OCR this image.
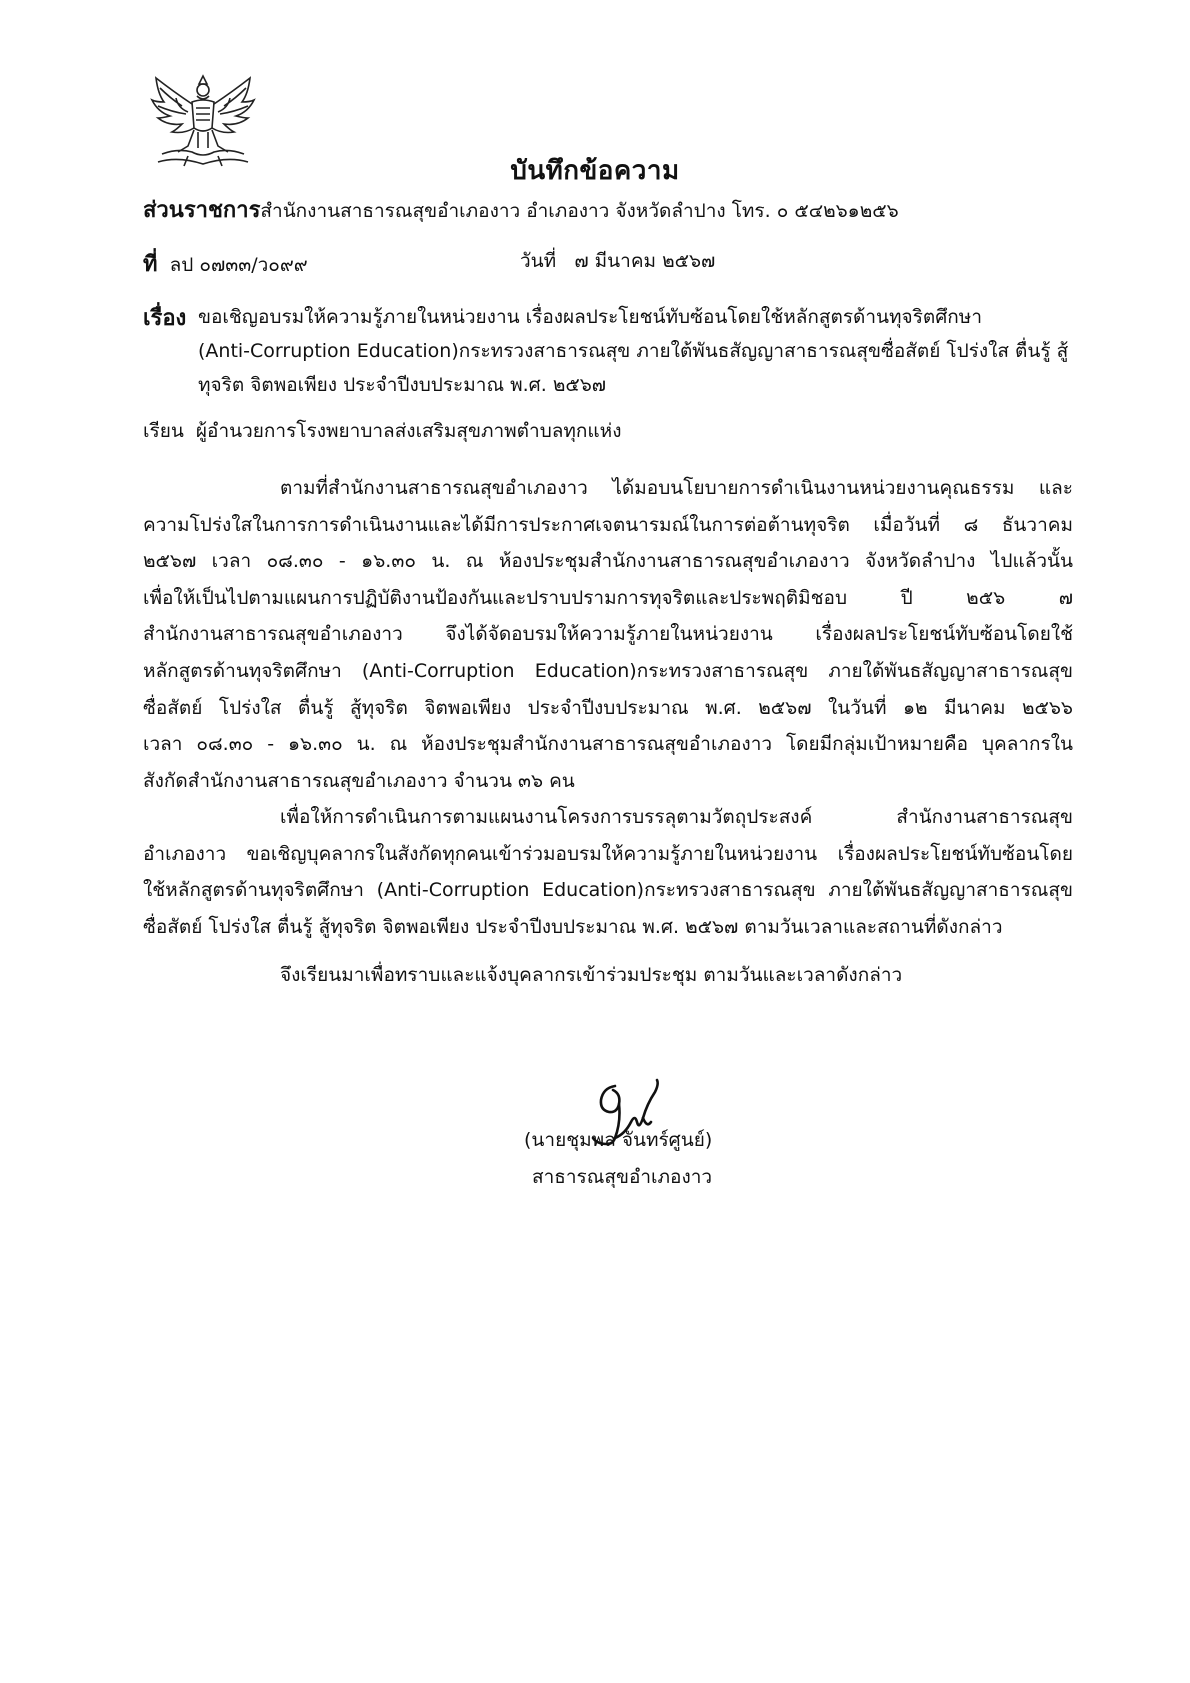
บันทึกข้อความ
ส่วนราชการสำนักงานสาธารณสุขอำเภองาว อำเภองาว จังหวัดลำปาง โทร. ๐ ๕๔๒๖๑๒๕๖
ที่ ลป ๐๗๓๓/ว๐๙๙	วันที่ ๗ มีนาคม ๒๕๖๗
เรื่อง ขอเชิญอบรมให้ความรู้ภายในหน่วยงาน เรื่องผลประโยชน์ทับซ้อนโดยใช้หลักสูตรด้านทุจริตศึกษา
(Anti-Corruption Education)กระทรวงสาธารณสุข ภายใต้พันธสัญญาสาธารณสุขซื่อสัตย์ โปร่งใส ตื่นรู้ สู้
ทุจริต จิตพอเพียง ประจำปีงบประมาณ พ.ศ. ๒๕๖๗
เรียน ผู้อำนวยการโรงพยาบาลส่งเสริมสุขภาพตำบลทุกแห่ง
ตามที่สำนักงานสาธารณสุขอำเภองาว ได้มอบนโยบายการดำเนินงานหน่วยงานคุณธรรม และ
ความโปร่งใสในการการดำเนินงานและได้มีการประกาศเจตนารมณ์ในการต่อต้านทุจริต เมื่อวันที่ ๘ ธันวาคม
๒๕๖๗ เวลา ๐๘.๓๐ - ๑๖.๓๐ น. ณ ห้องประชุมสำนักงานสาธารณสุขอำเภองาว จังหวัดลำปาง ไปแล้วนั้น
เพื่อให้เป็นไปตามแผนการปฏิบัติงานป้องกันและปราบปรามการทุจริตและประพฤติมิชอบ ปี ๒๕๖ ๗
สำนักงานสาธารณสุขอำเภองาว จึงได้จัดอบรมให้ความรู้ภายในหน่วยงาน เรื่องผลประโยชน์ทับซ้อนโดยใช้
หลักสูตรด้านทุจริตศึกษา (Anti-Corruption Education)กระทรวงสาธารณสุข ภายใต้พันธสัญญาสาธารณสุข
ซื่อสัตย์ โปร่งใส ตื่นรู้ สู้ทุจริต จิตพอเพียง ประจำปีงบประมาณ พ.ศ. ๒๕๖๗ ในวันที่ ๑๒ มีนาคม ๒๕๖๖
เวลา ๐๘.๓๐ - ๑๖.๓๐ น. ณ ห้องประชุมสำนักงานสาธารณสุขอำเภองาว โดยมีกลุ่มเป้าหมายคือ บุคลากรใน
สังกัดสำนักงานสาธารณสุขอำเภองาว จำนวน ๓๖ คน
เพื่อให้การดำเนินการตามแผนงานโครงการบรรลุตามวัตถุประสงค์ สำนักงานสาธารณสุข
อำเภองาว ขอเชิญบุคลากรในสังกัดทุกคนเข้าร่วมอบรมให้ความรู้ภายในหน่วยงาน เรื่องผลประโยชน์ทับซ้อนโดย
ใช้หลักสูตรด้านทุจริตศึกษา (Anti-Corruption Education)กระทรวงสาธารณสุข ภายใต้พันธสัญญาสาธารณสุข
ซื่อสัตย์ โปร่งใส ตื่นรู้ สู้ทุจริต จิตพอเพียง ประจำปีงบประมาณ พ.ศ. ๒๕๖๗ ตามวันเวลาและสถานที่ดังกล่าว
จึงเรียนมาเพื่อทราบและแจ้งบุคลากรเข้าร่วมประชุม ตามวันและเวลาดังกล่าว
(นายชุมพล จันทร์ศูนย์)
สาธารณสุขอำเภองาว
